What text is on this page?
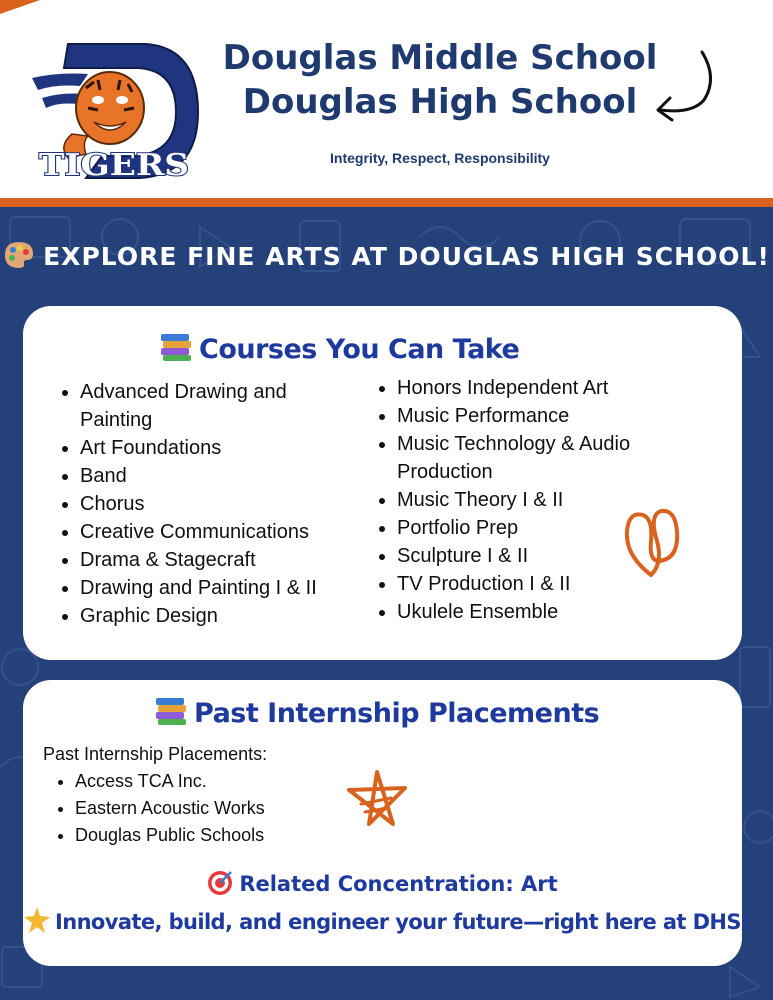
TIGERS
Douglas Middle School
Douglas High School
Integrity, Respect, Responsibility
EXPLORE FINE ARTS AT DOUGLAS HIGH SCHOOL!
Courses You Can Take
• Advanced Drawing and Painting
• Art Foundations
• Band
• Chorus
• Creative Communications
• Drama & Stagecraft
• Drawing and Painting I & II
• Graphic Design
• Honors Independent Art
• Music Performance
• Music Technology & Audio Production
• Music Theory I & II
• Portfolio Prep
• Sculpture I & II
• TV Production I & II
• Ukulele Ensemble
Past Internship Placements
Past Internship Placements:
• Access TCA Inc.
• Eastern Acoustic Works
• Douglas Public Schools
Related Concentration: Art
Innovate, build, and engineer your future—right here at DHS!
